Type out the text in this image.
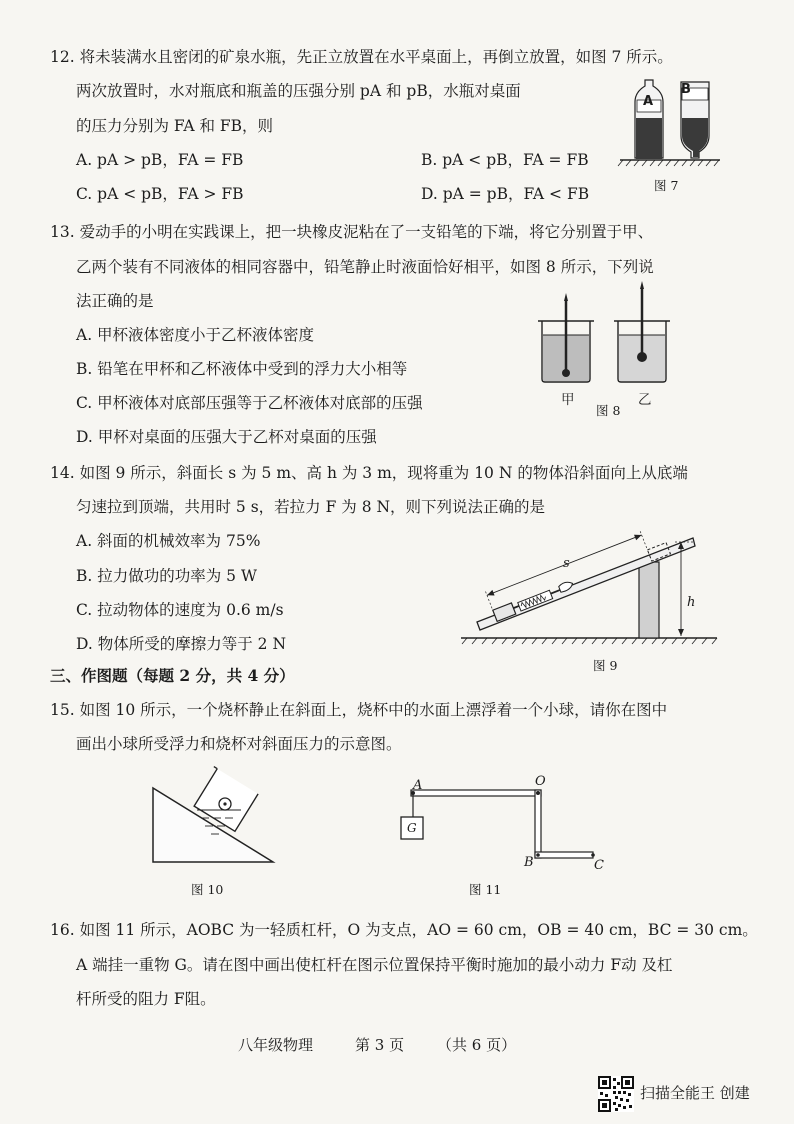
12. 将未装满水且密闭的矿泉水瓶，先正立放置在水平桌面上，再倒立放置，如图 7 所示。
两次放置时，水对瓶底和瓶盖的压强分别 pA 和 pB，水瓶对桌面
的压力分别为 FA 和 FB，则
A. pA > pB，FA = FB	B. pA < pB，FA = FB
C. pA < pB，FA > FB	D. pA = pB，FA < FB
A
B
图 7
13. 爱动手的小明在实践课上，把一块橡皮泥粘在了一支铅笔的下端，将它分别置于甲、
乙两个装有不同液体的相同容器中，铅笔静止时液面恰好相平，如图 8 所示，下列说
法正确的是
A. 甲杯液体密度小于乙杯液体密度
B. 铅笔在甲杯和乙杯液体中受到的浮力大小相等
C. 甲杯液体对底部压强等于乙杯液体对底部的压强
D. 甲杯对桌面的压强大于乙杯对桌面的压强
甲	乙
图 8
14. 如图 9 所示，斜面长 s 为 5 m、高 h 为 3 m，现将重为 10 N 的物体沿斜面向上从底端
匀速拉到顶端，共用时 5 s，若拉力 F 为 8 N，则下列说法正确的是
A. 斜面的机械效率为 75%
B. 拉力做功的功率为 5 W
C. 拉动物体的速度为 0.6 m/s
D. 物体所受的摩擦力等于 2 N
s
h
图 9
三、作图题（每题 2 分，共 4 分）
15. 如图 10 所示，一个烧杯静止在斜面上，烧杯中的水面上漂浮着一个小球，请你在图中
画出小球所受浮力和烧杯对斜面压力的示意图。
图 10
A	O
B	C
G
图 11
16. 如图 11 所示，AOBC 为一轻质杠杆，O 为支点，AO = 60 cm，OB = 40 cm，BC = 30 cm。
A 端挂一重物 G。请在图中画出使杠杆在图示位置保持平衡时施加的最小动力 F动 及杠
杆所受的阻力 F阻。
八年级物理	第 3 页 （共 6 页）
扫描全能王 创建
